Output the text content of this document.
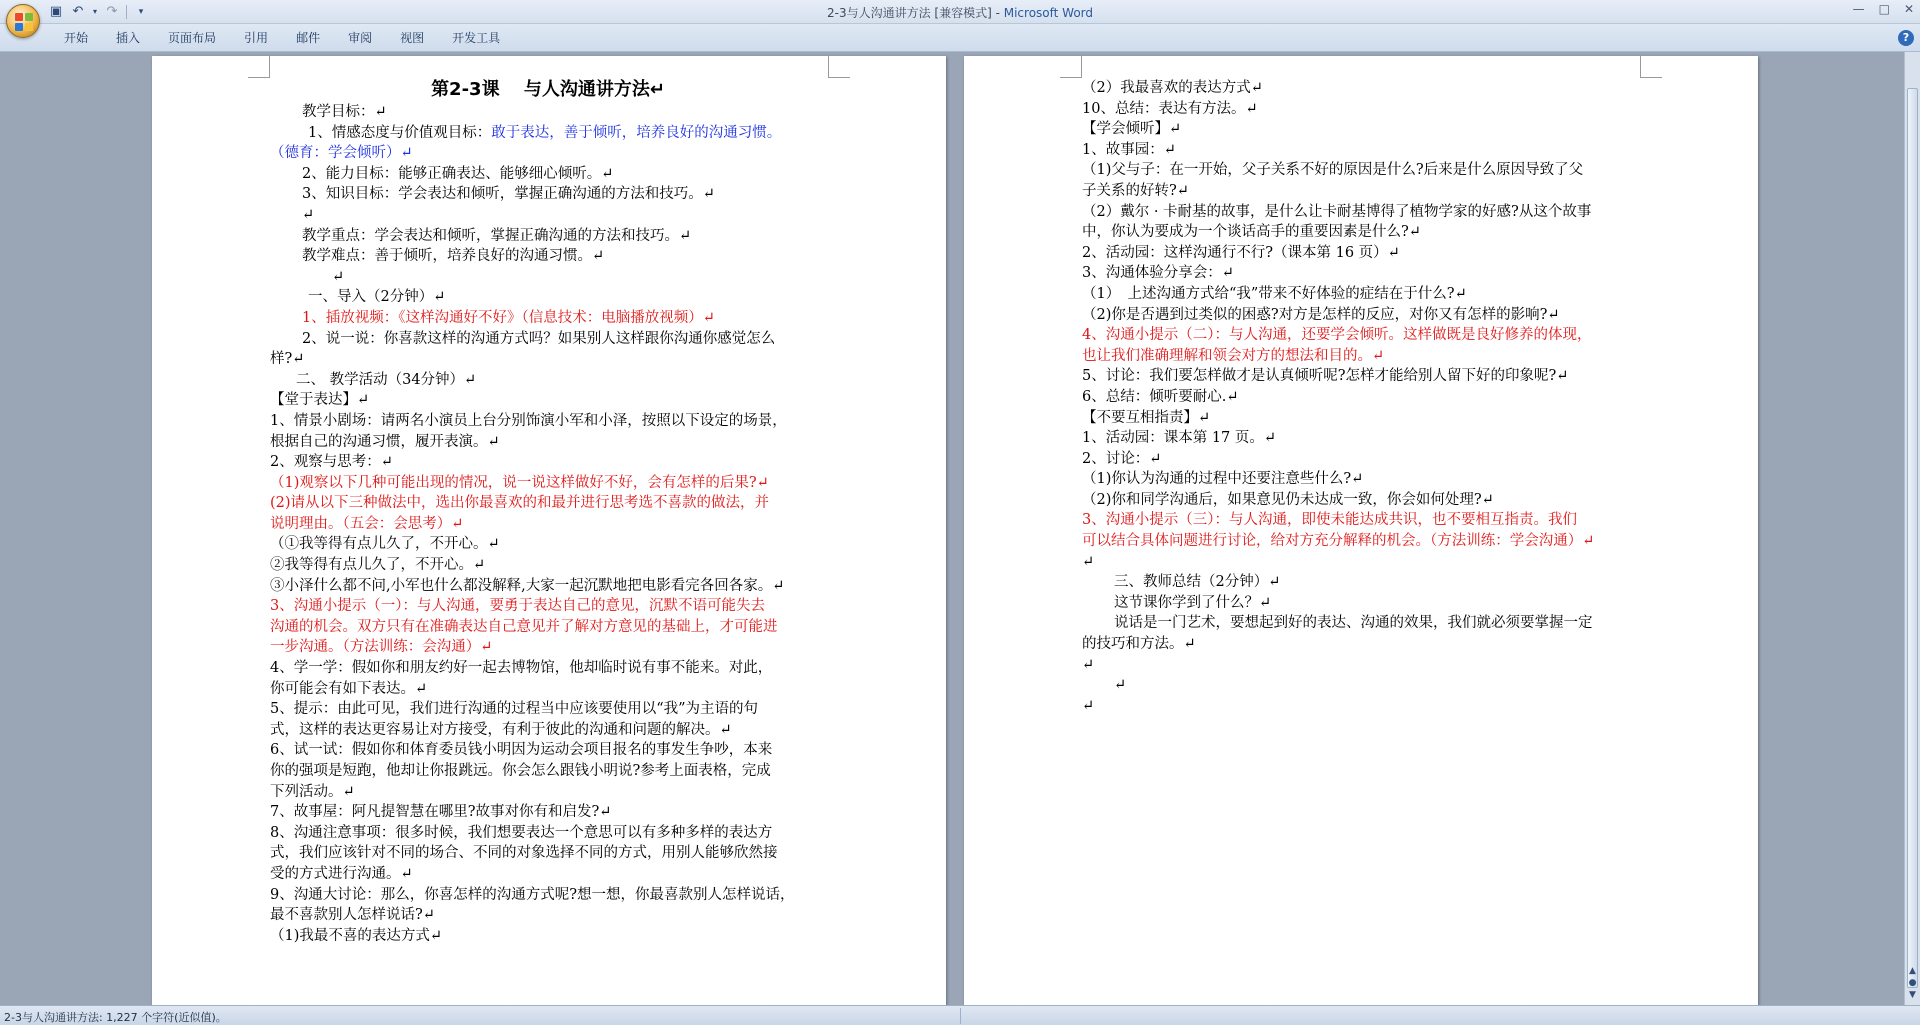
▣ ↶	▾ ↷	▾	2-3与人沟通讲方法 [兼容模式] - Microsoft Word	— □ ✕
开始	插入	页面布局	引用	邮件	审阅	视图	开发工具	?
第2-3课　 与人沟通讲方法↵
教学目标：↵
1、情感态度与价值观目标：敢于表达，善于倾听，培养良好的沟通习惯。
（德育：学会倾听）↵
2、能力目标：能够正确表达、能够细心倾听。↵
3、知识目标：学会表达和倾听，掌握正确沟通的方法和技巧。↵
↵
教学重点：学会表达和倾听，掌握正确沟通的方法和技巧。↵
教学难点：善于倾听，培养良好的沟通习惯。↵
↵
一、导入（2分钟）↵
1、插放视频：《这样沟通好不好》（信息技术：电脑播放视频）↵
2、说一说：你喜款这样的沟通方式吗？如果别人这样跟你沟通你感觉怎么
样?↵
二、 教学活动（34分钟）↵
【堂于表达】↵
1、情景小剧场：请两名小演员上台分别饰演小军和小泽，按照以下设定的场景，
根据自己的沟通习惯，履开表演。↵
2、观察与思考：↵
（1)观察以下几种可能出现的情况，说一说这样做好不好，会有怎样的后果?↵
(2)请从以下三种做法中，选出你最喜欢的和最并进行思考选不喜款的做法，并
说明理由。（五会：会思考）↵
（①我等得有点儿久了，不开心。↵
②我等得有点儿久了，不开心。↵
③小泽什么都不问,小军也什么都没解释,大家一起沉默地把电影看完各回各家。↵
3、沟通小提示（一）：与人沟通，要勇于表达自己的意见，沉默不语可能失去
沟通的机会。双方只有在准确表达自己意见并了解对方意见的基础上，才可能进
一步沟通。（方法训练：会沟通）↵
4、学一学：假如你和朋友约好一起去博物馆，他却临时说有事不能来。对此，
你可能会有如下表达。↵
5、提示：由此可见，我们进行沟通的过程当中应该要使用以“我”为主语的句
式，这样的表达更容易让对方接受，有利于彼此的沟通和问题的解决。↵
6、试一试：假如你和体育委员钱小明因为运动会项目报名的事发生争吵，本来
你的强项是短跑，他却让你报跳远。你会怎么跟钱小明说?参考上面表格，完成
下列活动。↵
7、故事屋：阿凡提智慧在哪里?故事对你有和启发?↵
8、沟通注意事项：很多时候，我们想要表达一个意思可以有多种多样的表达方
式，我们应该针对不同的场合、不同的对象选择不同的方式，用别人能够欣然接
受的方式进行沟通。↵
9、沟通大讨论：那么，你喜怎样的沟通方式呢?想一想，你最喜款别人怎样说话，
最不喜款别人怎样说话?↵
（1)我最不喜的表达方式↵
（2）我最喜欢的表达方式↵
10、总结：表达有方法。↵
【学会倾听】↵
1、故事园：↵
（1)父与子：在一开始，父子关系不好的原因是什么?后来是什么原因导致了父
子关系的好转?↵
（2）戴尔 · 卡耐基的故事，是什么让卡耐基博得了植物学家的好感?从这个故事
中，你认为要成为一个谈话高手的重要因素是什么?↵
2、活动园：这样沟通行不行?（课本第 16 页）↵
3、沟通体验分享会：↵
（1）　上述沟通方式给“我”带来不好体验的症结在于什么?↵
（2)你是否遇到过类似的困惑?对方是怎样的反应，对你又有怎样的影响?↵
4、沟通小提示（二）：与人沟通，还要学会倾听。这样做既是良好修养的体现，
也让我们准确理解和领会对方的想法和目的。↵
5、讨论：我们要怎样做才是认真倾听呢?怎样才能给别人留下好的印象呢?↵
6、总结：倾听要耐心.↵
【不要互相指责】↵
1、活动园：课本第 17 页。↵
2、讨论：↵
（1)你认为沟通的过程中还要注意些什么?↵
（2)你和同学沟通后，如果意见仍未达成一致，你会如何处理?↵
3、沟通小提示（三）：与人沟通，即使未能达成共识，也不要相互指责。我们
可以结合具体问题进行讨论，给对方充分解释的机会。（方法训练：学会沟通）↵
↵
三、教师总结（2分钟）↵
这节课你学到了什么？↵
说话是一门艺术，要想起到好的表达、沟通的效果，我们就必须要掌握一定
的技巧和方法。↵
↵
↵
↵
▲
●
▼
2-3与人沟通讲方法: 1,227 个字符(近似值)。
